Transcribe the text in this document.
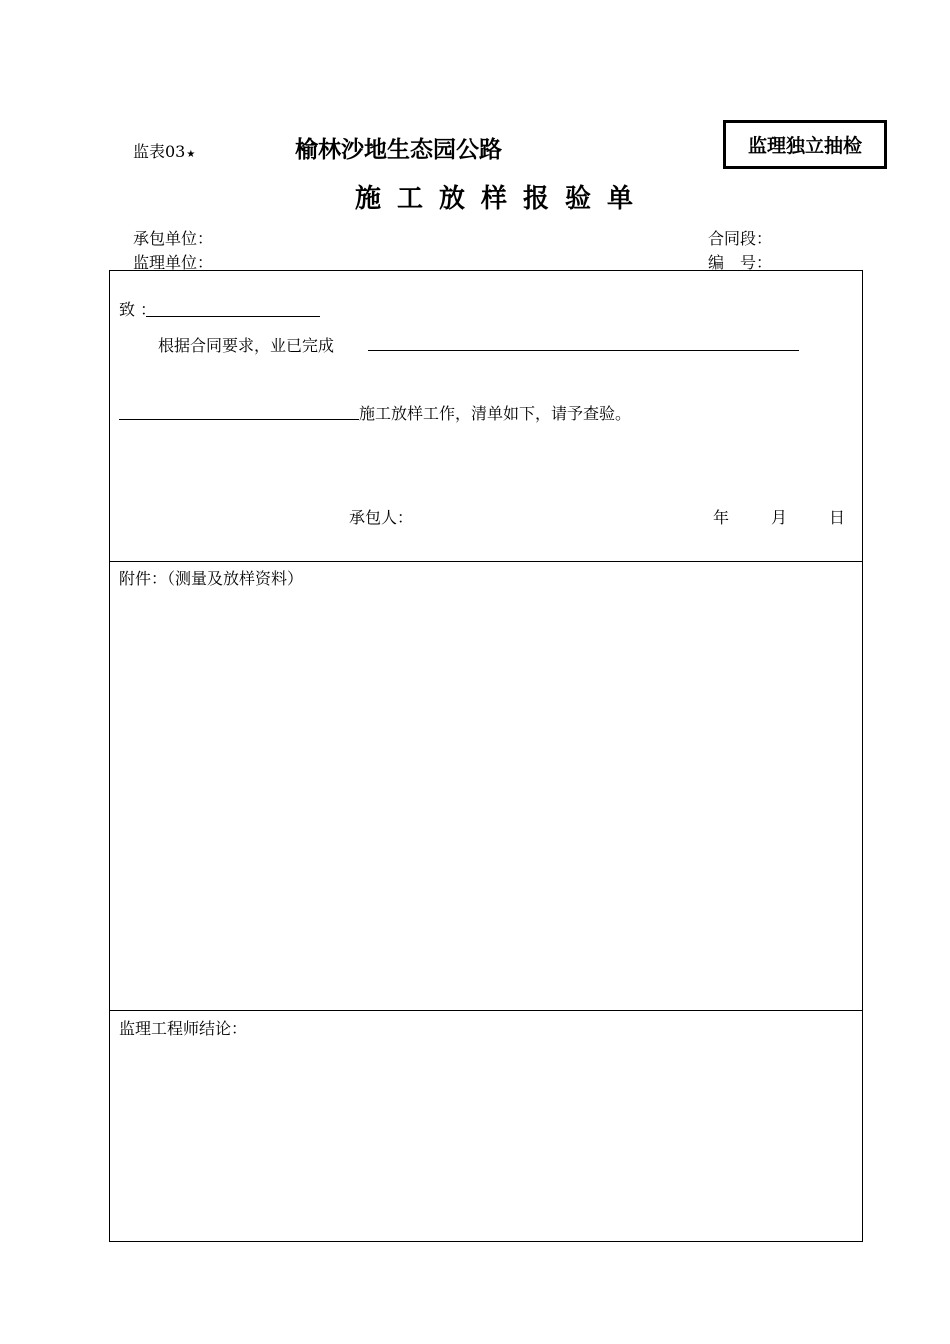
监表03★	榆林沙地生态园公路	监理独立抽检
施工放样报验单
承包单位：
监理单位：
合同段：
编　号：
致 ：
根据合同要求，业已完成
施工放样工作，清单如下，请予查验。
承包人：	年	月	日
附件：（测量及放样资料）
监理工程师结论：
